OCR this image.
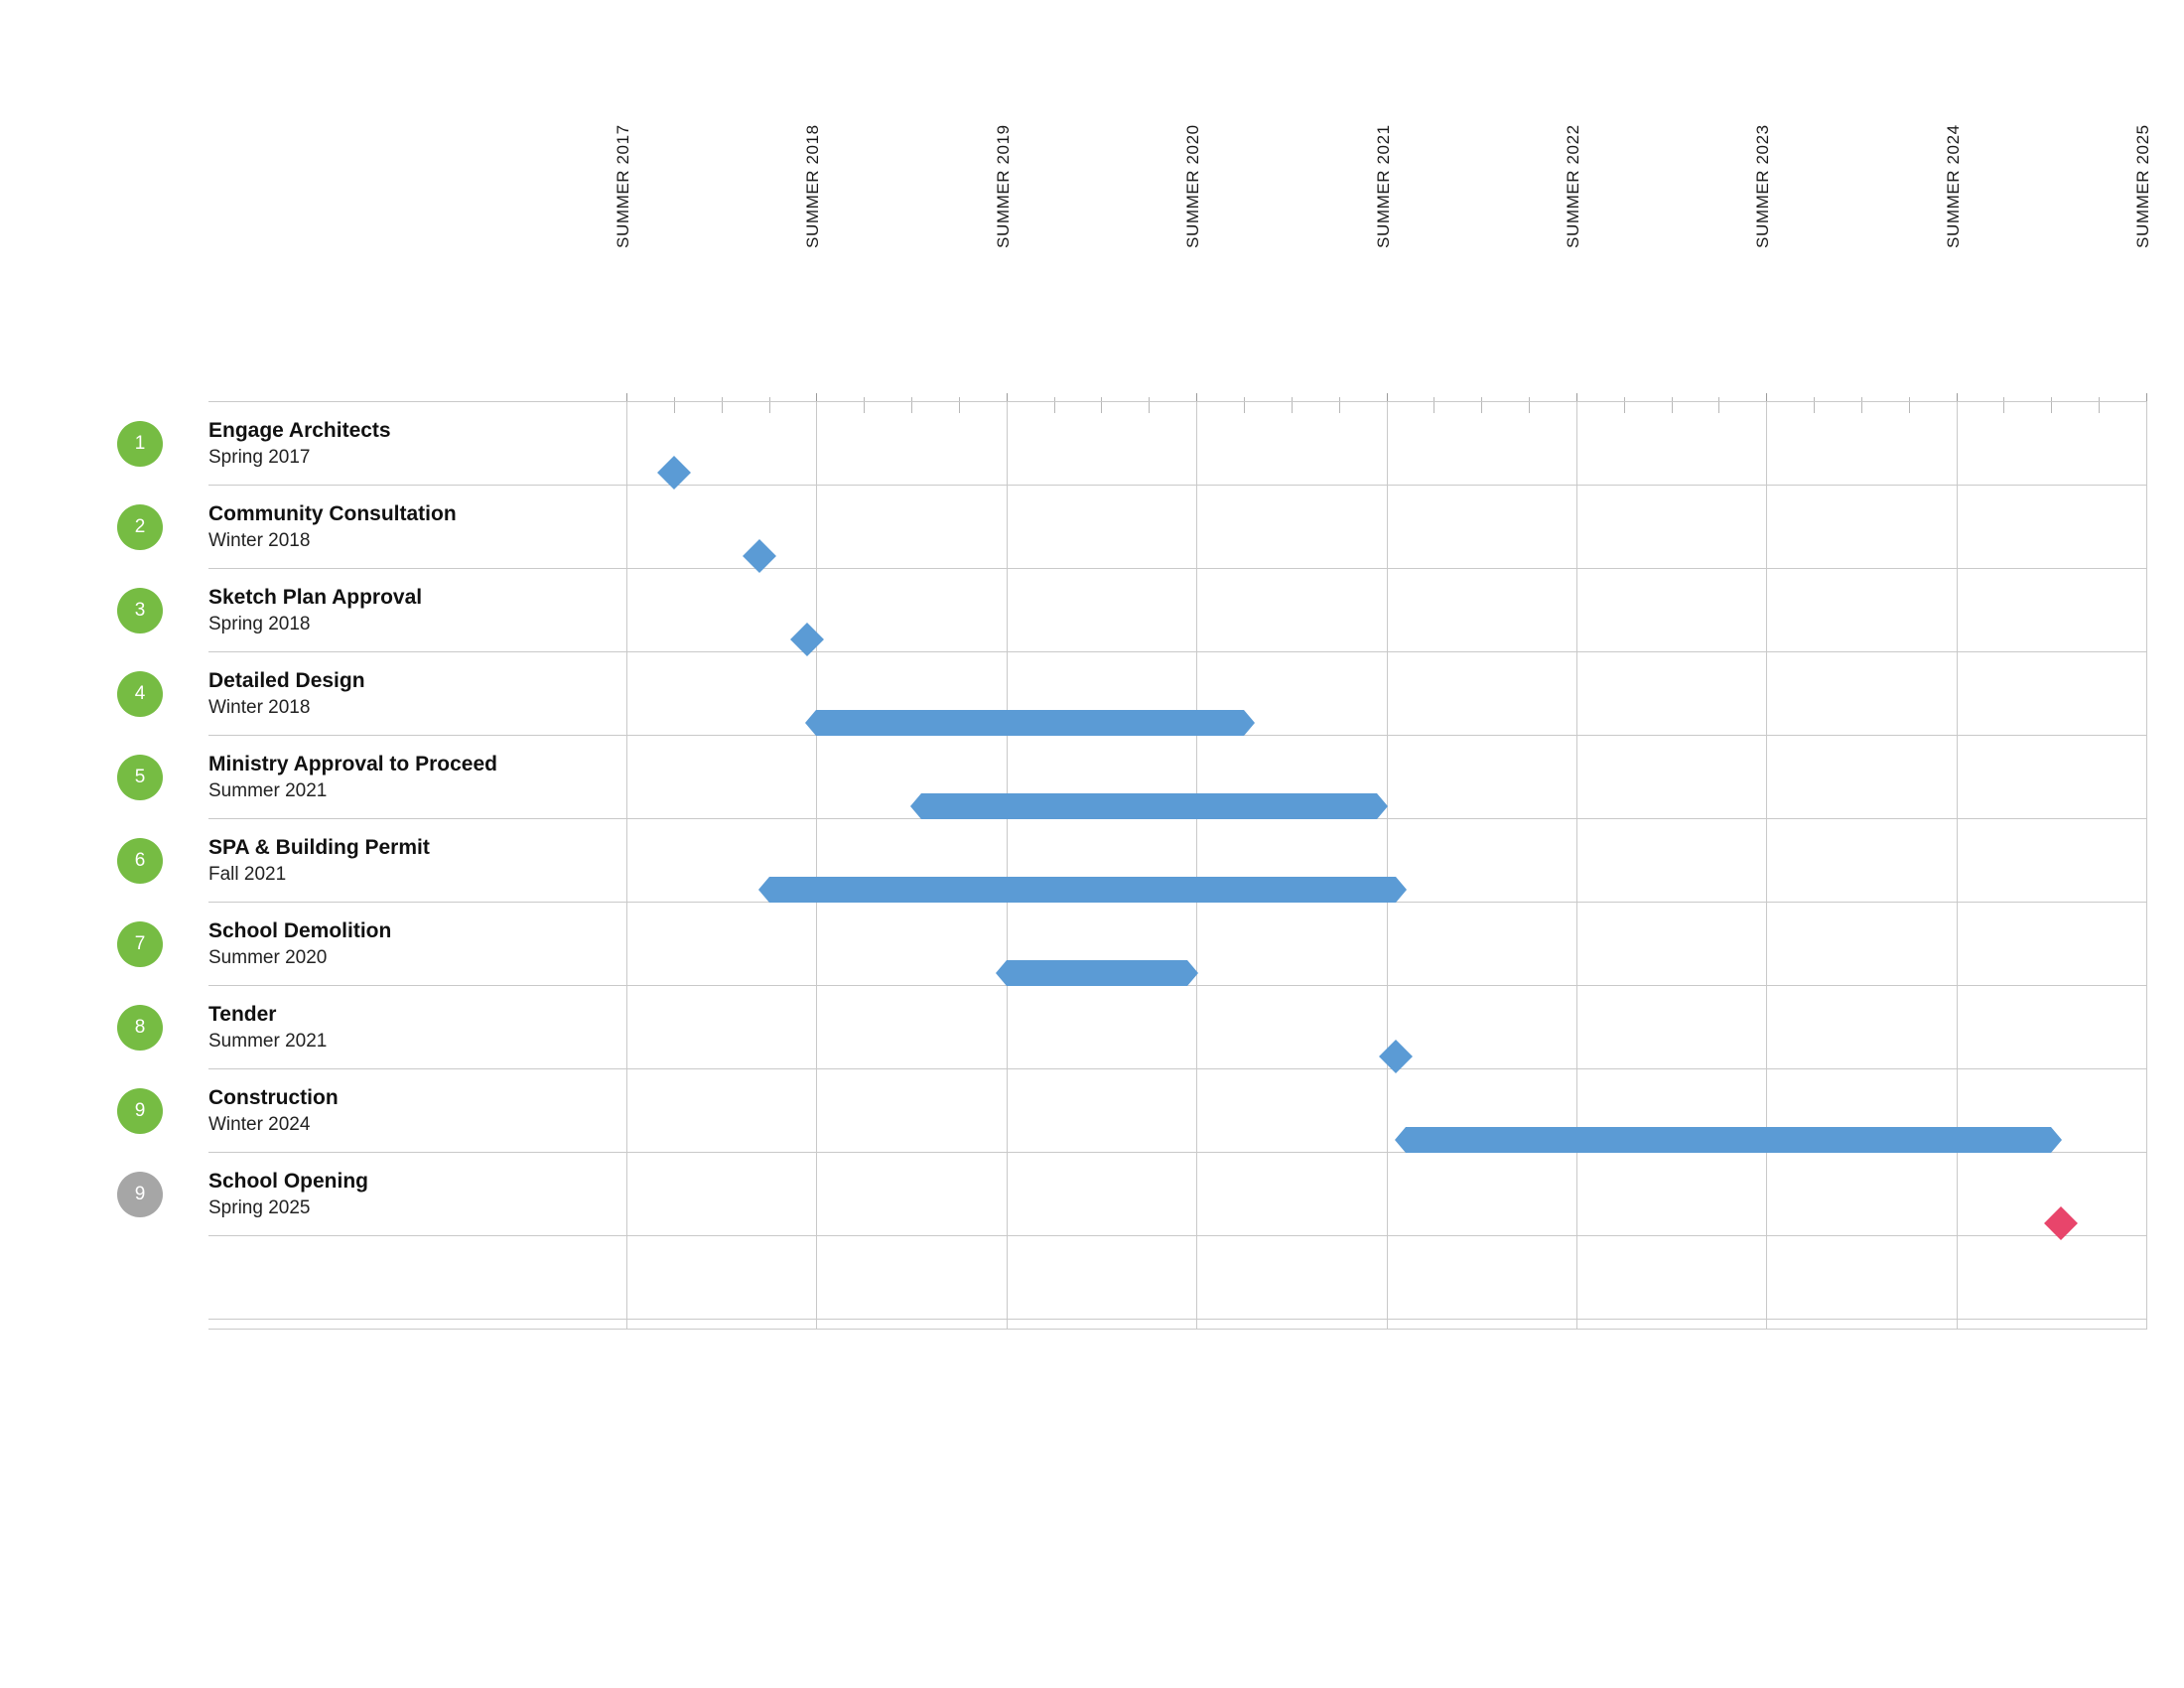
SUMMER 2017	SUMMER 2018	SUMMER 2019	SUMMER 2020	SUMMER 2021	SUMMER 2022	SUMMER 2023	SUMMER 2024	SUMMER 2025
1
Engage Architects
Spring 2017
2
Community Consultation
Winter 2018
3
Sketch Plan Approval
Spring 2018
4
Detailed Design
Winter 2018
5
Ministry Approval to Proceed
Summer 2021
6
SPA & Building Permit
Fall 2021
7
School Demolition
Summer 2020
8
Tender
Summer 2021
9
Construction
Winter 2024
9
School Opening
Spring 2025
